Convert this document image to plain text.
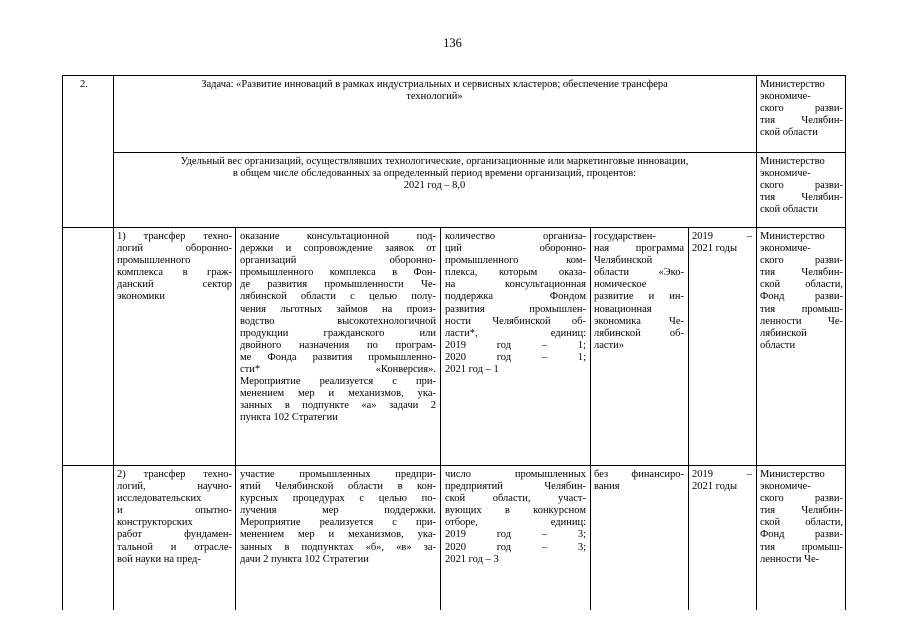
136
2.	Задача: «Развитие инноваций в рамках индустриальных и сервисных кластеров; обеспечение трансфера
технологий»
Министерство
экономиче-
ского разви-
тия Челябин-
ской области
Удельный вес организаций, осуществлявших технологические, организационные или маркетинговые инновации,
в общем числе обследованных за определенный период времени организаций, процентов:
2021 год – 8,0
Министерство
экономиче-
ского разви-
тия Челябин-
ской области
1) трансфер техно-
логий оборонно-
промышленного
комплекса в граж-
данский сектор
экономики
оказание консультационной под-
держки и сопровождение заявок от
организаций оборонно-
промышленного комплекса в Фон-
де развития промышленности Че-
лябинской области с целью полу-
чения льготных займов на произ-
водство высокотехнологичной
продукции гражданского или
двойного назначения по програм-
ме Фонда развития промышленно-
сти* «Конверсия».
Мероприятие реализуется с при-
менением мер и механизмов, ука-
занных в подпункте «а» задачи 2
пункта 102 Стратегии
количество организа-
ций оборонно-
промышленного ком-
плекса, которым оказа-
на консультационная
поддержка Фондом
развития промышлен-
ности Челябинской об-
ласти*, единиц:
2019 год – 1;
2020 год – 1;
2021 год – 1
государствен-
ная программа
Челябинской
области «Эко-
номическое
развитие и ин-
новационная
экономика Че-
лябинской об-
ласти»
2019 –
2021 годы
Министерство
экономиче-
ского разви-
тия Челябин-
ской области,
Фонд разви-
тия промыш-
ленности Че-
лябинской
области
2) трансфер техно-
логий, научно-
исследовательских
и опытно-
конструкторских
работ фундамен-
тальной и отрасле-
вой науки на пред-
участие промышленных предпри-
ятий Челябинской области в кон-
курсных процедурах с целью по-
лучения мер поддержки.
Мероприятие реализуется с при-
менением мер и механизмов, ука-
занных в подпунктах «б», «в» за-
дачи 2 пункта 102 Стратегии
число промышленных
предприятий Челябин-
ской области, участ-
вующих в конкурсном
отборе, единиц:
2019 год – 3;
2020 год – 3;
2021 год – 3
без финансиро-
вания
2019 –
2021 годы
Министерство
экономиче-
ского разви-
тия Челябин-
ской области,
Фонд разви-
тия промыш-
ленности Че-
